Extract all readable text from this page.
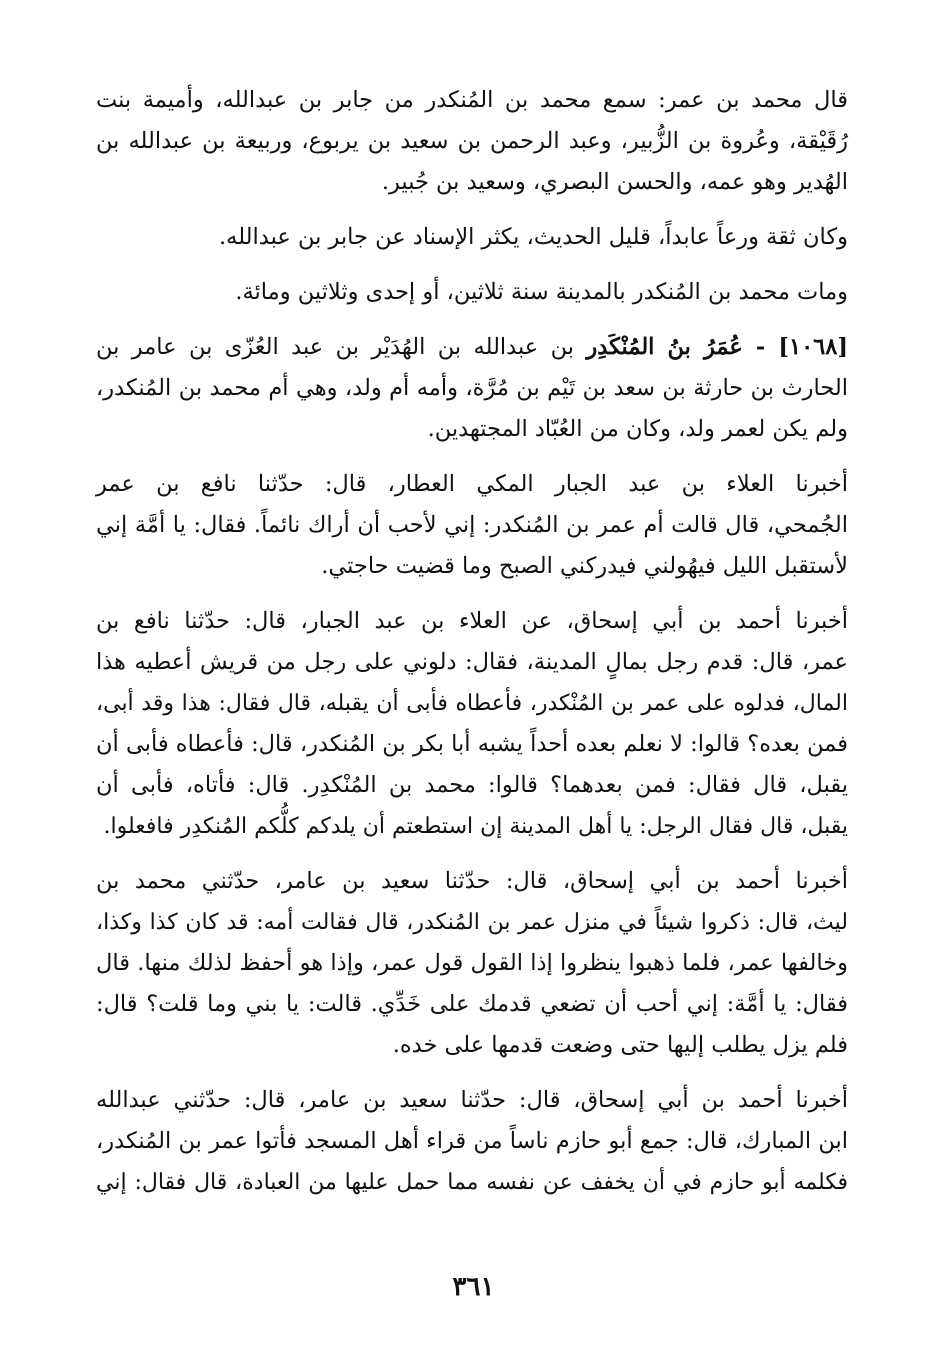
قال محمد بن عمر: سمع محمد بن المُنكدر من جابر بن عبدالله، وأميمة بنت
رُقَيْقة، وعُروة بن الزُّبير، وعبد الرحمن بن سعيد بن يربوع، وربيعة بن عبدالله بن
الهُدير وهو عمه، والحسن البصري، وسعيد بن جُبير.

وكان ثقة ورعاً عابداً، قليل الحديث، يكثر الإسناد عن جابر بن عبدالله.

ومات محمد بن المُنكدر بالمدينة سنة ثلاثين، أو إحدى وثلاثين ومائة.

[١٠٦٨] - عُمَرُ بنُ المُنْكَدِر بن عبدالله بن الهُدَيْر بن عبد العُزّى بن عامر بن
الحارث بن حارثة بن سعد بن تَيْم بن مُرَّة، وأمه أم ولد، وهي أم محمد بن المُنكدر،
ولم يكن لعمر ولد، وكان من العُبّاد المجتهدين.

أخبرنا العلاء بن عبد الجبار المكي العطار، قال: حدّثنا نافع بن عمر
الجُمحي، قال قالت أم عمر بن المُنكدر: إني لأحب أن أراك نائماً. فقال: يا أمَّة إني
لأستقبل الليل فيهُولني فيدركني الصبح وما قضيت حاجتي.

أخبرنا أحمد بن أبي إسحاق، عن العلاء بن عبد الجبار، قال: حدّثنا نافع بن
عمر، قال: قدم رجل بمالٍ المدينة، فقال: دلوني على رجل من قريش أعطيه هذا
المال، فدلوه على عمر بن المُنْكدر، فأعطاه فأبى أن يقبله، قال فقال: هذا وقد أبى،
فمن بعده؟ قالوا: لا نعلم بعده أحداً يشبه أبا بكر بن المُنكدر، قال: فأعطاه فأبى أن
يقبل، قال فقال: فمن بعدهما؟ قالوا: محمد بن المُنْكدِر. قال: فأتاه، فأبى أن
يقبل، قال فقال الرجل: يا أهل المدينة إن استطعتم أن يلدكم كلُّكم المُنكدِر فافعلوا.

أخبرنا أحمد بن أبي إسحاق، قال: حدّثنا سعيد بن عامر، حدّثني محمد بن
ليث، قال: ذكروا شيئاً في منزل عمر بن المُنكدر، قال فقالت أمه: قد كان كذا وكذا،
وخالفها عمر، فلما ذهبوا ينظروا إذا القول قول عمر، وإذا هو أحفظ لذلك منها. قال
فقال: يا أمَّة: إني أحب أن تضعي قدمك على خَدِّي. قالت: يا بني وما قلت؟ قال:
فلم يزل يطلب إليها حتى وضعت قدمها على خده.

أخبرنا أحمد بن أبي إسحاق، قال: حدّثنا سعيد بن عامر، قال: حدّثني عبدالله
ابن المبارك، قال: جمع أبو حازم ناساً من قراء أهل المسجد فأتوا عمر بن المُنكدر،
فكلمه أبو حازم في أن يخفف عن نفسه مما حمل عليها من العبادة، قال فقال: إني

٣٦١
